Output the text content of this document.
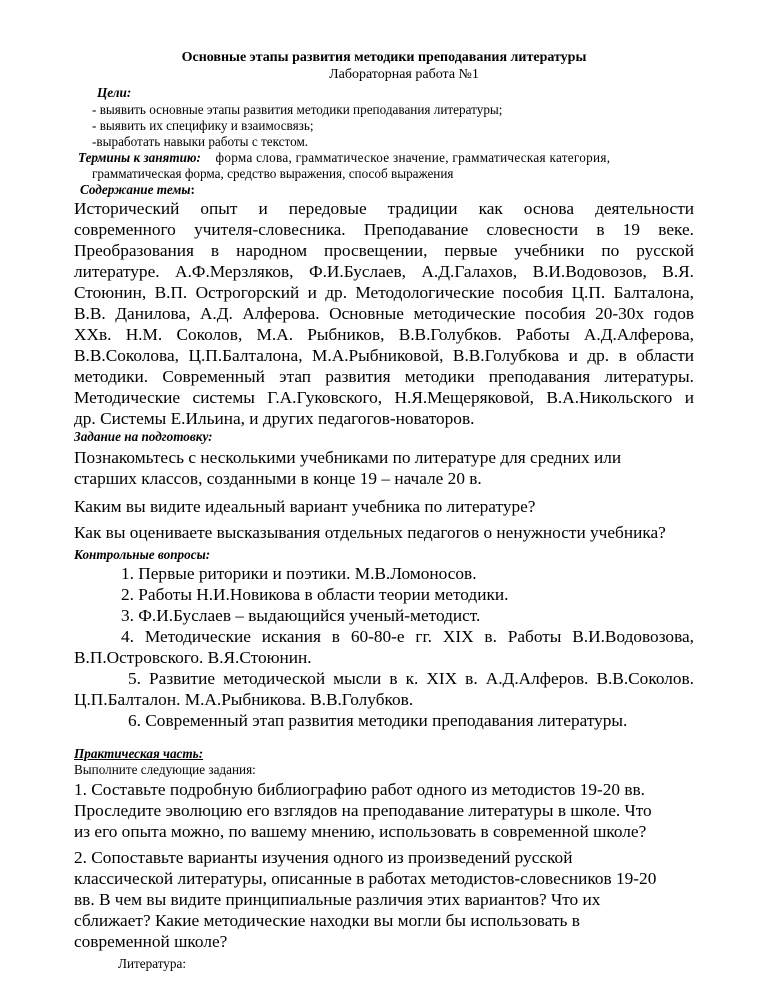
Основные этапы развития методики преподавания литературы
Лабораторная работа №1
Цели:
- выявить основные этапы развития методики преподавания литературы;
- выявить их специфику и взаимосвязь;
-выработать навыки работы с текстом.
Термины к занятию: форма слова, грамматическое значение, грамматическая категория,
грамматическая форма, средство выражения, способ выражения
Содержание темы:
Исторический опыт и передовые традиции как основа деятельности
современного учителя-словесника. Преподавание словесности в 19 веке.
Преобразования в народном просвещении, первые учебники по русской
литературе. А.Ф.Мерзляков, Ф.И.Буслаев, А.Д.Галахов, В.И.Водовозов, В.Я.
Стоюнин, В.П. Острогорский и др. Методологические пособия Ц.П. Балталона,
В.В. Данилова, А.Д. Алферова. Основные методические пособия 20-30х годов
XXв. Н.М. Соколов, М.А. Рыбников, В.В.Голубков. Работы А.Д.Алферова,
В.В.Соколова, Ц.П.Балталона, М.А.Рыбниковой, В.В.Голубкова и др. в области
методики. Современный этап развития методики преподавания литературы.
Методические системы Г.А.Гуковского, Н.Я.Мещеряковой, В.А.Никольского и
др. Системы Е.Ильина, и других педагогов-новаторов.
Задание на подготовку:
Познакомьтесь с несколькими учебниками по литературе для средних или
старших классов, созданными в конце 19 – начале 20 в.
Каким вы видите идеальный вариант учебника по литературе?
Как вы оцениваете высказывания отдельных педагогов о ненужности учебника?
Контрольные вопросы:
1. Первые риторики и поэтики. М.В.Ломоносов.
2. Работы Н.И.Новикова в области теории методики.
3. Ф.И.Буслаев – выдающийся ученый-методист.
4. Методические искания в 60-80-е гг. XIX в. Работы В.И.Водовозова,
В.П.Островского. В.Я.Стоюнин.
5. Развитие методической мысли в к. XIX в. А.Д.Алферов. В.В.Соколов.
Ц.П.Балталон. М.А.Рыбникова. В.В.Голубков.
6. Современный этап развития методики преподавания литературы.
Практическая часть:
Выполните следующие задания:
1. Составьте подробную библиографию работ одного из методистов 19-20 вв.
Проследите эволюцию его взглядов на преподавание литературы в школе. Что
из его опыта можно, по вашему мнению, использовать в современной школе?
2. Сопоставьте варианты изучения одного из произведений русской
классической литературы, описанные в работах методистов-словесников 19-20
вв. В чем вы видите принципиальные различия этих вариантов? Что их
сближает? Какие методические находки вы могли бы использовать в
современной школе?
Литература:
